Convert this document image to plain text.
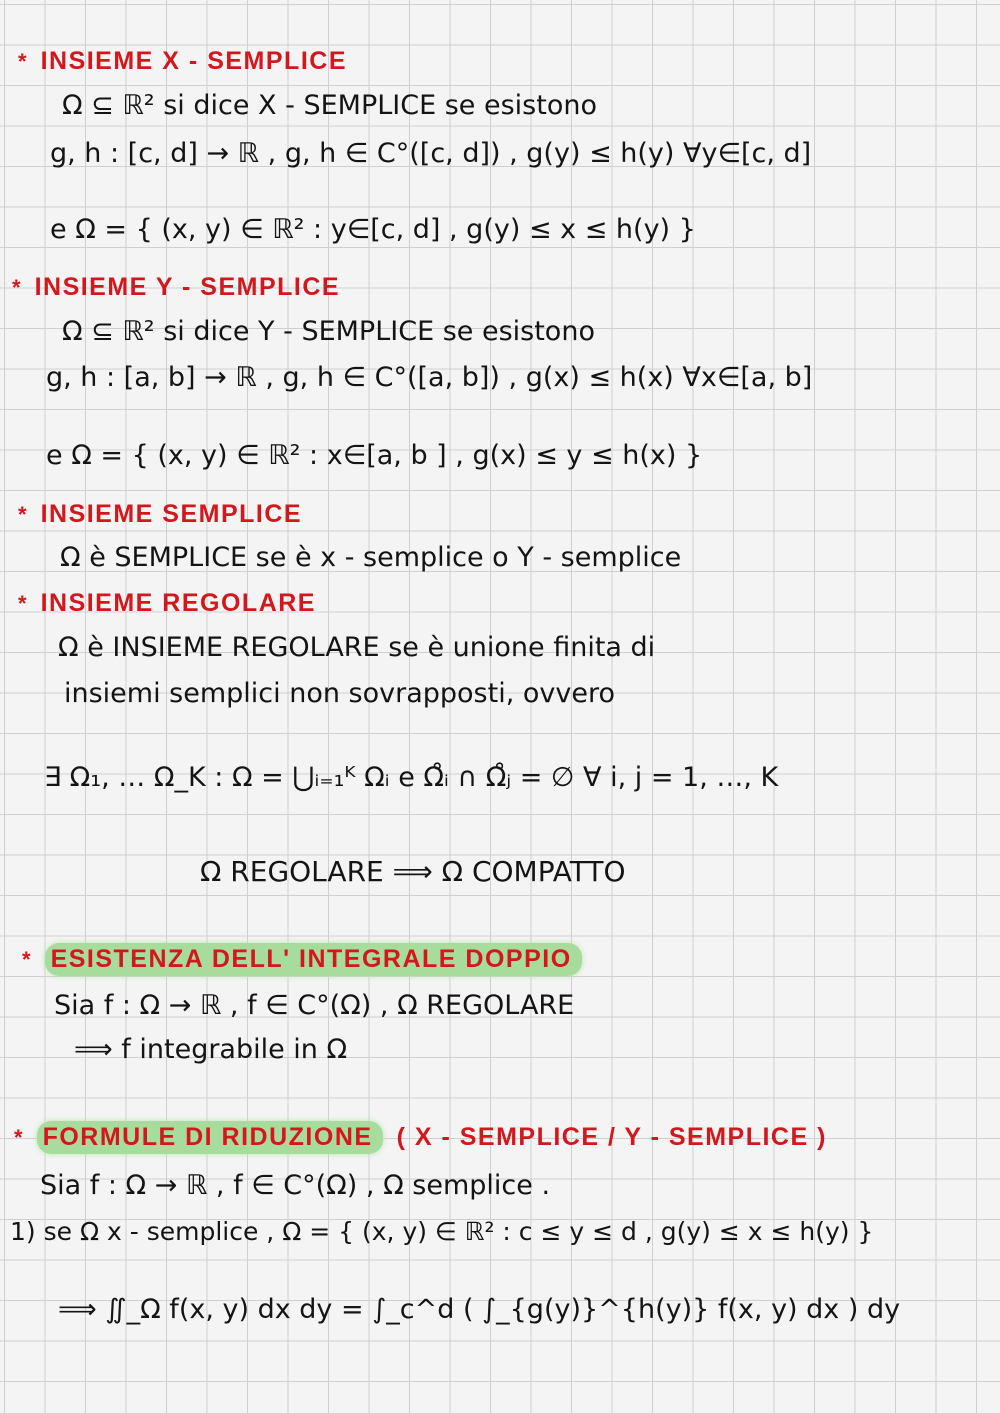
* INSIEME X - SEMPLICE
Ω ⊆ ℝ² si dice X - SEMPLICE se esistono
g, h : [c, d] → ℝ , g, h ∈ C°([c, d]) , g(y) ≤ h(y) ∀y∈[c, d]
e Ω = { (x, y) ∈ ℝ² : y∈[c, d] , g(y) ≤ x ≤ h(y) }
* INSIEME Y - SEMPLICE
Ω ⊆ ℝ² si dice Y - SEMPLICE se esistono
g, h : [a, b] → ℝ , g, h ∈ C°([a, b]) , g(x) ≤ h(x) ∀x∈[a, b]
e Ω = { (x, y) ∈ ℝ² : x∈[a, b ] , g(x) ≤ y ≤ h(x) }
* INSIEME SEMPLICE
Ω è SEMPLICE se è x - semplice o Y - semplice
* INSIEME REGOLARE
Ω è INSIEME REGOLARE se è unione finita di
insiemi semplici non sovrapposti, ovvero
∃ Ω₁, … Ω_K : Ω = ⋃ᵢ₌₁ᴷ Ωᵢ e Ω̊ᵢ ∩ Ω̊ⱼ = ∅ ∀ i, j = 1, …, K
Ω REGOLARE ⟹ Ω COMPATTO
* ESISTENZA DELL' INTEGRALE DOPPIO
Sia f : Ω → ℝ , f ∈ C°(Ω) , Ω REGOLARE
⟹ f integrabile in Ω
* FORMULE DI RIDUZIONE ( X - SEMPLICE / Y - SEMPLICE )
Sia f : Ω → ℝ , f ∈ C°(Ω) , Ω semplice .
1) se Ω x - semplice , Ω = { (x, y) ∈ ℝ² : c ≤ y ≤ d , g(y) ≤ x ≤ h(y) }
⟹ ∬_Ω f(x, y) dx dy = ∫_c^d ( ∫_{g(y)}^{h(y)} f(x, y) dx ) dy
